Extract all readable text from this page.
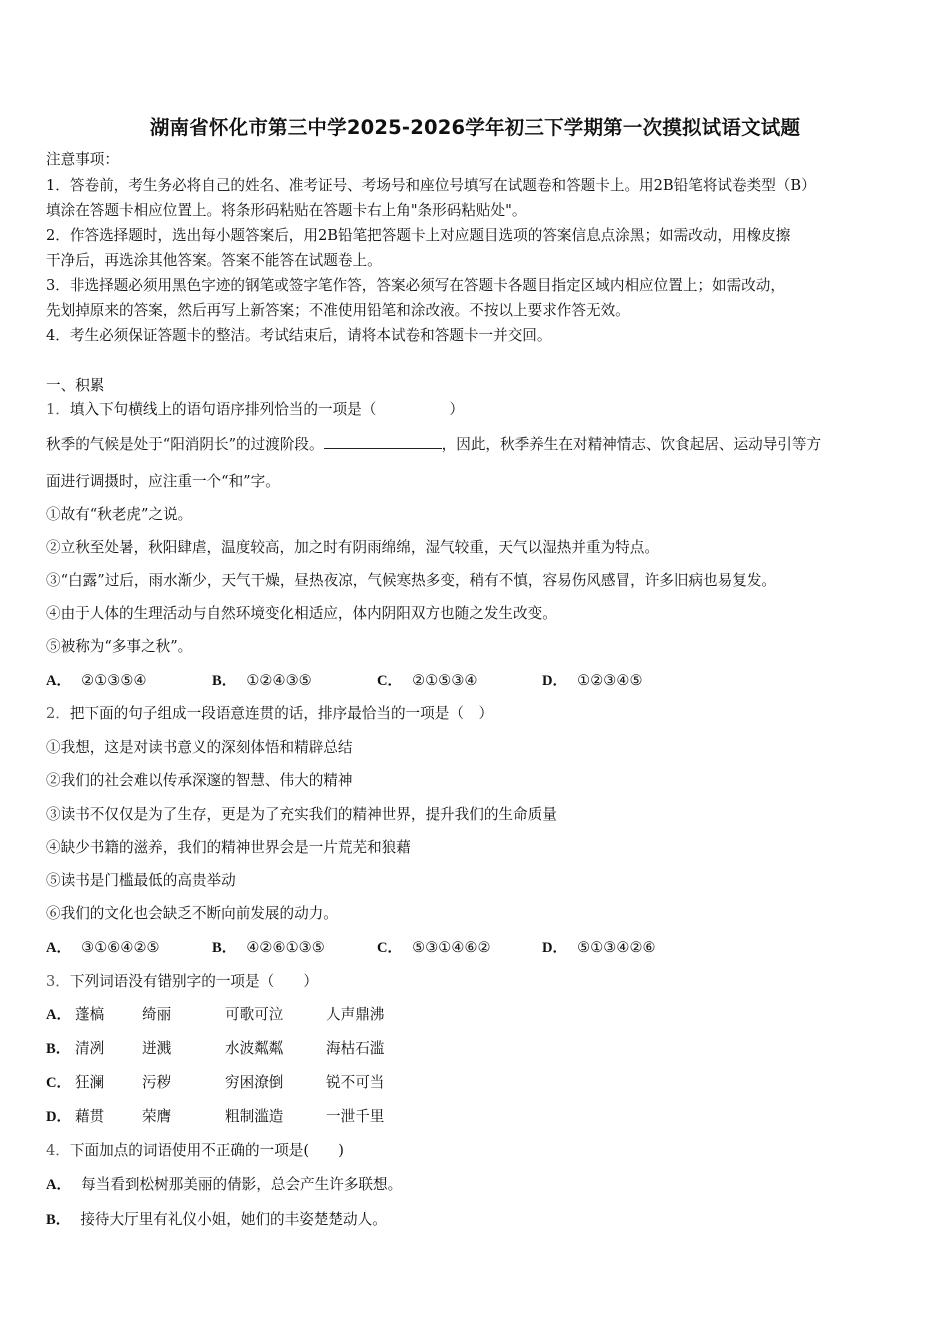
湖南省怀化市第三中学2025-2026学年初三下学期第一次摸拟试语文试题
注意事项：
1．答卷前，考生务必将自己的姓名、准考证号、考场号和座位号填写在试题卷和答题卡上。用2B铅笔将试卷类型（B）
填涂在答题卡相应位置上。将条形码粘贴在答题卡右上角"条形码粘贴处"。
2．作答选择题时，选出每小题答案后，用2B铅笔把答题卡上对应题目选项的答案信息点涂黑；如需改动，用橡皮擦
干净后，再选涂其他答案。答案不能答在试题卷上。
3．非选择题必须用黑色字迹的钢笔或签字笔作答，答案必须写在答题卡各题目指定区域内相应位置上；如需改动，
先划掉原来的答案，然后再写上新答案；不准使用铅笔和涂改液。不按以上要求作答无效。
4．考生必须保证答题卡的整洁。考试结束后，请将本试卷和答题卡一并交回。
一、积累
1．填入下句横线上的语句语序排列恰当的一项是（　　　　　）
秋季的气候是处于“阳消阴长”的过渡阶段。	，因此，秋季养生在对精神情志、饮食起居、运动导引等方
面进行调摄时，应注重一个“和”字。
①故有“秋老虎”之说。
②立秋至处暑，秋阳肆虐，温度较高，加之时有阴雨绵绵，湿气较重，天气以湿热并重为特点。
③“白露”过后，雨水渐少，天气干燥，昼热夜凉，气候寒热多变，稍有不慎，容易伤风感冒，许多旧病也易复发。
④由于人体的生理活动与自然环境变化相适应，体内阴阳双方也随之发生改变。
⑤被称为“多事之秋”。
A． ②①③⑤④	B． ①②④③⑤	C． ②①⑤③④	D． ①②③④⑤
2．把下面的句子组成一段语意连贯的话，排序最恰当的一项是（　）
①我想，这是对读书意义的深刻体悟和精辟总结
②我们的社会难以传承深邃的智慧、伟大的精神
③读书不仅仅是为了生存，更是为了充实我们的精神世界，提升我们的生命质量
④缺少书籍的滋养，我们的精神世界会是一片荒芜和狼藉
⑤读书是门槛最低的高贵举动
⑥我们的文化也会缺乏不断向前发展的动力。
A． ③①⑥④②⑤	B． ④②⑥①③⑤	C． ⑤③①④⑥②	D． ⑤①③④②⑥
3．下列词语没有错别字的一项是（　　）
A． 蓬槁	绮丽	可歌可泣	人声鼎沸
B． 清冽	迸溅	水波粼粼	海枯石滥
C． 狂澜	污秽	穷困潦倒	锐不可当
D． 藉贯	荣膺	粗制滥造	一泄千里
4．下面加点的词语使用不正确的一项是(　　)
A． 每当看到松树那美丽的倩影，总会产生许多联想。
B． 接待大厅里有礼仪小姐，她们的丰姿楚楚动人。
